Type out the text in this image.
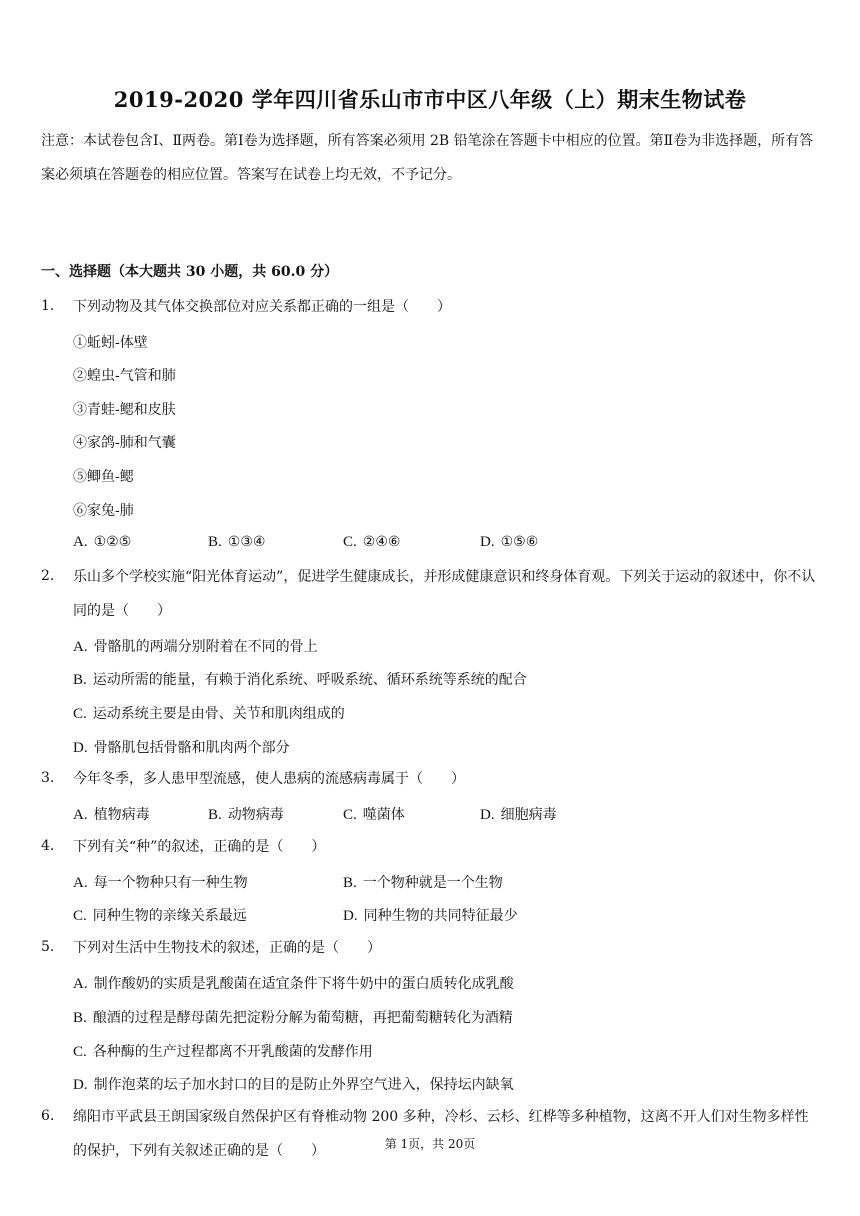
2019-2020 学年四川省乐山市市中区八年级（上）期末生物试卷
注意：本试卷包含Ⅰ、Ⅱ两卷。第Ⅰ卷为选择题，所有答案必须用 2B 铅笔涂在答题卡中相应的位置。第Ⅱ卷为非选择题，所有答案必须填在答题卷的相应位置。答案写在试卷上均无效，不予记分。
一、选择题（本大题共 30 小题，共 60.0 分）
1. 下列动物及其气体交换部位对应关系都正确的一组是（　　）
①蚯蚓-体壁
②蝗虫-气管和肺
③青蛙-鳃和皮肤
④家鸽-肺和气囊
⑤鲫鱼-鳃
⑥家兔-肺
A. ①②⑤	B. ①③④	C. ②④⑥	D. ①⑤⑥
2. 乐山多个学校实施“阳光体育运动”，促进学生健康成长，并形成健康意识和终身体育观。下列关于运动的叙述中，你不认同的是（　　）
A. 骨骼肌的两端分别附着在不同的骨上
B. 运动所需的能量，有赖于消化系统、呼吸系统、循环系统等系统的配合
C. 运动系统主要是由骨、关节和肌肉组成的
D. 骨骼肌包括骨骼和肌肉两个部分
3. 今年冬季，多人患甲型流感，使人患病的流感病毒属于（　　）
A. 植物病毒	B. 动物病毒	C. 噬菌体	D. 细胞病毒
4. 下列有关“种”的叙述，正确的是（　　）
A. 每一个物种只有一种生物	B. 一个物种就是一个生物
C. 同种生物的亲缘关系最远	D. 同种生物的共同特征最少
5. 下列对生活中生物技术的叙述，正确的是（　　）
A. 制作酸奶的实质是乳酸菌在适宜条件下将牛奶中的蛋白质转化成乳酸
B. 酿酒的过程是酵母菌先把淀粉分解为葡萄糖，再把葡萄糖转化为酒精
C. 各种酶的生产过程都离不开乳酸菌的发酵作用
D. 制作泡菜的坛子加水封口的目的是防止外界空气进入，保持坛内缺氧
6. 绵阳市平武县王朗国家级自然保护区有脊椎动物 200 多种，冷杉、云杉、红桦等多种植物，这离不开人们对生物多样性的保护，下列有关叙述正确的是（　　）	第 1页，共 20页
